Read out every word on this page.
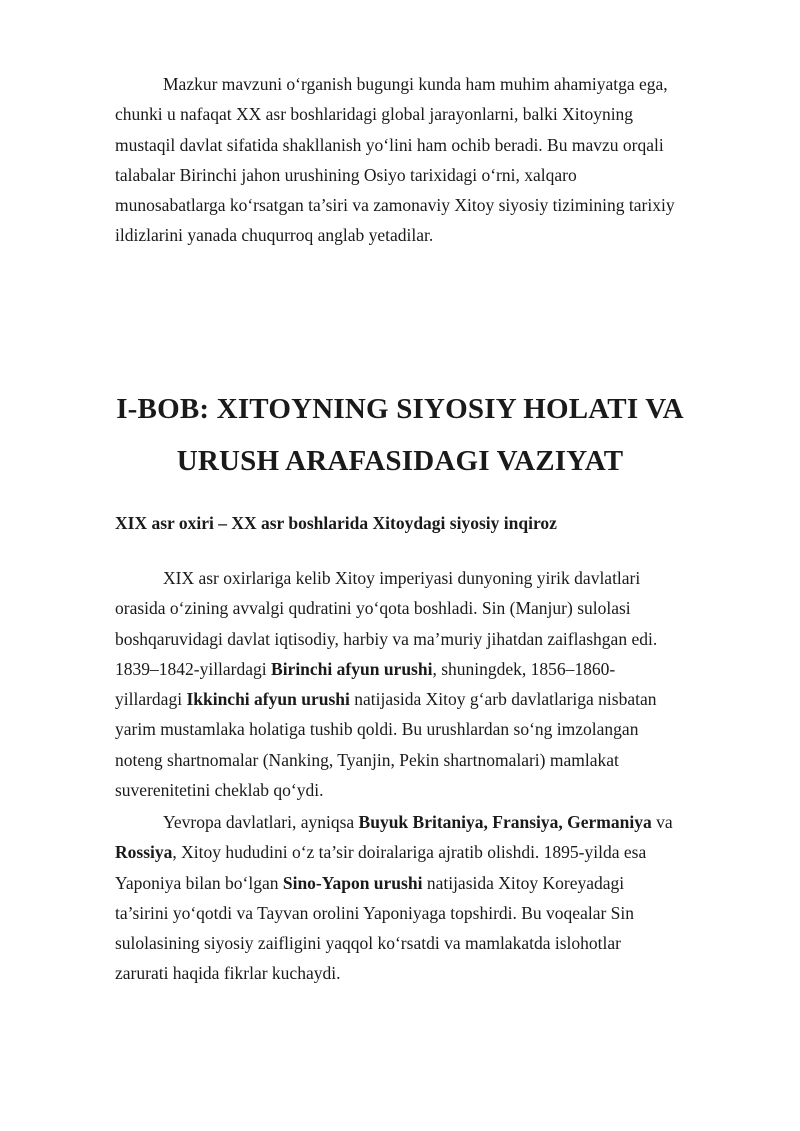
Mazkur mavzuni o‘rganish bugungi kunda ham muhim ahamiyatga ega, chunki u nafaqat XX asr boshlaridagi global jarayonlarni, balki Xitoyning mustaqil davlat sifatida shakllanish yo‘lini ham ochib beradi. Bu mavzu orqali talabalar Birinchi jahon urushining Osiyo tarixidagi o‘rni, xalqaro munosabatlarga ko‘rsatgan ta’siri va zamonaviy Xitoy siyosiy tizimining tarixiy ildizlarini yanada chuqurroq anglab yetadilar.

I-BOB: XITOYNING SIYOSIY HOLATI VA
URUSH ARAFASIDAGI VAZIYAT
XIX asr oxiri – XX asr boshlarida Xitoydagi siyosiy inqiroz

XIX asr oxirlariga kelib Xitoy imperiyasi dunyoning yirik davlatlari orasida o‘zining avvalgi qudratini yo‘qota boshladi. Sin (Manjur) sulolasi boshqaruvidagi davlat iqtisodiy, harbiy va ma’muriy jihatdan zaiflashgan edi. 1839–1842-yillardagi Birinchi afyun urushi, shuningdek, 1856–1860-yillardagi Ikkinchi afyun urushi natijasida Xitoy g‘arb davlatlariga nisbatan yarim mustamlaka holatiga tushib qoldi. Bu urushlardan so‘ng imzolangan noteng shartnomalar (Nanking, Tyanjin, Pekin shartnomalari) mamlakat suverenitetini cheklab qo‘ydi.

Yevropa davlatlari, ayniqsa Buyuk Britaniya, Fransiya, Germaniya va Rossiya, Xitoy hududini o‘z ta’sir doiralariga ajratib olishdi. 1895-yilda esa Yaponiya bilan bo‘lgan Sino-Yapon urushi natijasida Xitoy Koreyadagi ta’sirini yo‘qotdi va Tayvan orolini Yaponiyaga topshirdi. Bu voqealar Sin sulolasining siyosiy zaifligini yaqqol ko‘rsatdi va mamlakatda islohotlar zarurati haqida fikrlar kuchaydi.
